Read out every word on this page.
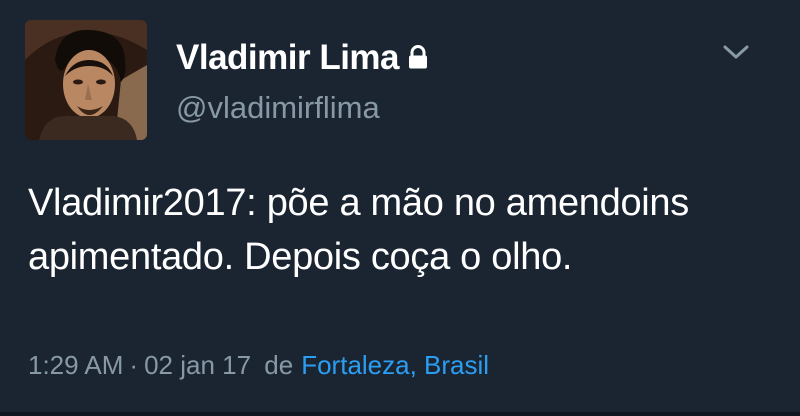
Vladimir Lima
@vladimirflima
Vladimir2017: põe a mão no amendoins apimentado. Depois coça o olho.
1:29 AM · 02 jan 17 de Fortaleza, Brasil
